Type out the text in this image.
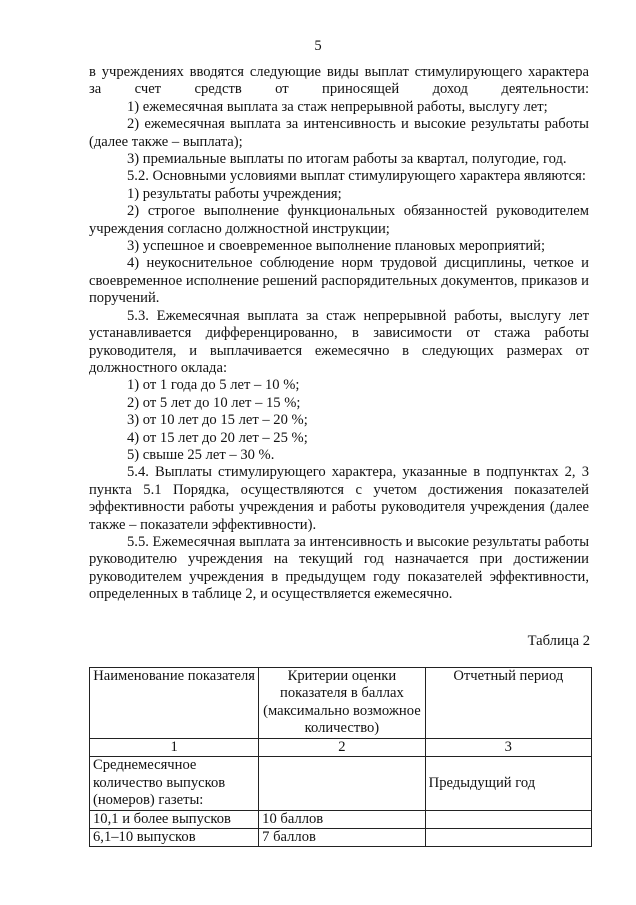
5

в учреждениях вводятся следующие виды выплат стимулирующего характера за счет средств от приносящей доход деятельности:

1) ежемесячная выплата за стаж непрерывной работы, выслугу лет;

2) ежемесячная выплата за интенсивность и высокие результаты работы (далее также – выплата);

3) премиальные выплаты по итогам работы за квартал, полугодие, год.

5.2. Основными условиями выплат стимулирующего характера являются:

1) результаты работы учреждения;

2) строгое выполнение функциональных обязанностей руководителем учреждения согласно должностной инструкции;

3) успешное и своевременное выполнение плановых мероприятий;

4) неукоснительное соблюдение норм трудовой дисциплины, четкое и своевременное исполнение решений распорядительных документов, приказов и поручений.

5.3. Ежемесячная выплата за стаж непрерывной работы, выслугу лет устанавливается дифференцированно, в зависимости от стажа работы руководителя, и выплачивается ежемесячно в следующих размерах от должностного оклада:

1) от 1 года до 5 лет – 10 %;

2) от 5 лет до 10 лет – 15 %;

3) от 10 лет до 15 лет – 20 %;

4) от 15 лет до 20 лет – 25 %;

5) свыше 25 лет – 30 %.

5.4. Выплаты стимулирующего характера, указанные в подпунктах 2, 3 пункта 5.1 Порядка, осуществляются с учетом достижения показателей эффективности работы учреждения и работы руководителя учреждения (далее также – показатели эффективности).

5.5. Ежемесячная выплата за интенсивность и высокие результаты работы руководителю учреждения на текущий год назначается при достижении руководителем учреждения в предыдущем году показателей эффективности, определенных в таблице 2, и осуществляется ежемесячно.

Таблица 2
Наименование показателя	Критерии оценки показателя в баллах (максимально возможное количество)	Отчетный период
1	2	3
Среднемесячное количество выпусков (номеров) газеты:		Предыдущий год
10,1 и более выпусков	10 баллов	
6,1–10 выпусков	7 баллов	
